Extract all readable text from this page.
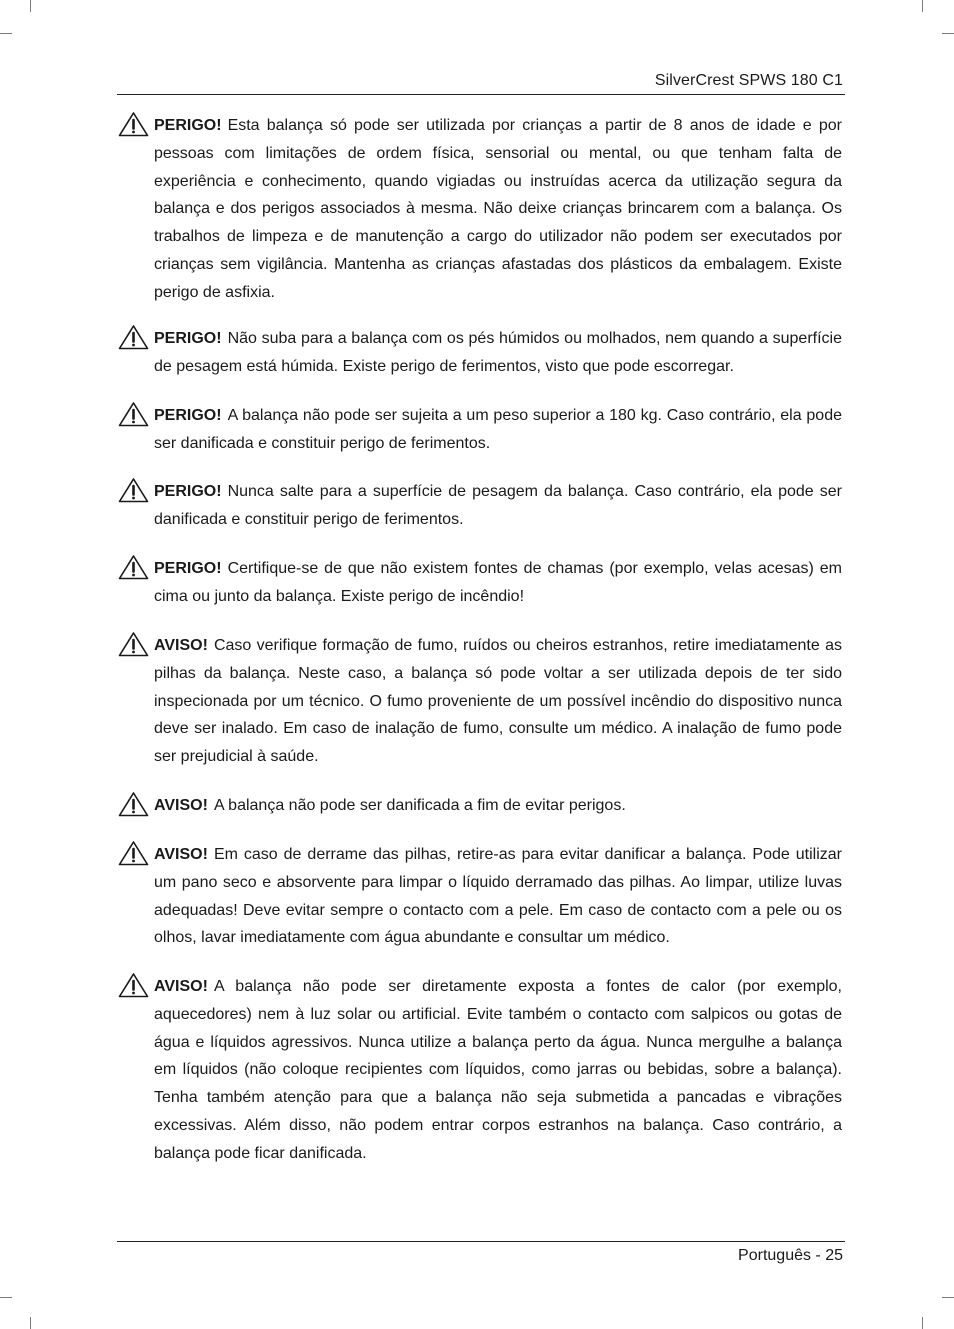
SilverCrest SPWS 180 C1

PERIGO! Esta balança só pode ser utilizada por crianças a partir de 8 anos de idade e por pessoas com limitações de ordem física, sensorial ou mental, ou que tenham falta de experiência e conhecimento, quando vigiadas ou instruídas acerca da utilização segura da balança e dos perigos associados à mesma. Não deixe crianças brincarem com a balança. Os trabalhos de limpeza e de manutenção a cargo do utilizador não podem ser executados por crianças sem vigilância. Mantenha as crianças afastadas dos plásticos da embalagem. Existe perigo de asfixia.

PERIGO! Não suba para a balança com os pés húmidos ou molhados, nem quando a superfície de pesagem está húmida. Existe perigo de ferimentos, visto que pode escorregar.

PERIGO! A balança não pode ser sujeita a um peso superior a 180 kg. Caso contrário, ela pode ser danificada e constituir perigo de ferimentos.

PERIGO! Nunca salte para a superfície de pesagem da balança. Caso contrário, ela pode ser danificada e constituir perigo de ferimentos.

PERIGO! Certifique-se de que não existem fontes de chamas (por exemplo, velas acesas) em cima ou junto da balança. Existe perigo de incêndio!

AVISO! Caso verifique formação de fumo, ruídos ou cheiros estranhos, retire imediatamente as pilhas da balança. Neste caso, a balança só pode voltar a ser utilizada depois de ter sido inspecionada por um técnico. O fumo proveniente de um possível incêndio do dispositivo nunca deve ser inalado. Em caso de inalação de fumo, consulte um médico. A inalação de fumo pode ser prejudicial à saúde.

AVISO! A balança não pode ser danificada a fim de evitar perigos.

AVISO! Em caso de derrame das pilhas, retire-as para evitar danificar a balança. Pode utilizar um pano seco e absorvente para limpar o líquido derramado das pilhas. Ao limpar, utilize luvas adequadas! Deve evitar sempre o contacto com a pele. Em caso de contacto com a pele ou os olhos, lavar imediatamente com água abundante e consultar um médico.

AVISO! A balança não pode ser diretamente exposta a fontes de calor (por exemplo, aquecedores) nem à luz solar ou artificial. Evite também o contacto com salpicos ou gotas de água e líquidos agressivos. Nunca utilize a balança perto da água. Nunca mergulhe a balança em líquidos (não coloque recipientes com líquidos, como jarras ou bebidas, sobre a balança). Tenha também atenção para que a balança não seja submetida a pancadas e vibrações excessivas. Além disso, não podem entrar corpos estranhos na balança. Caso contrário, a balança pode ficar danificada.

Português - 25
